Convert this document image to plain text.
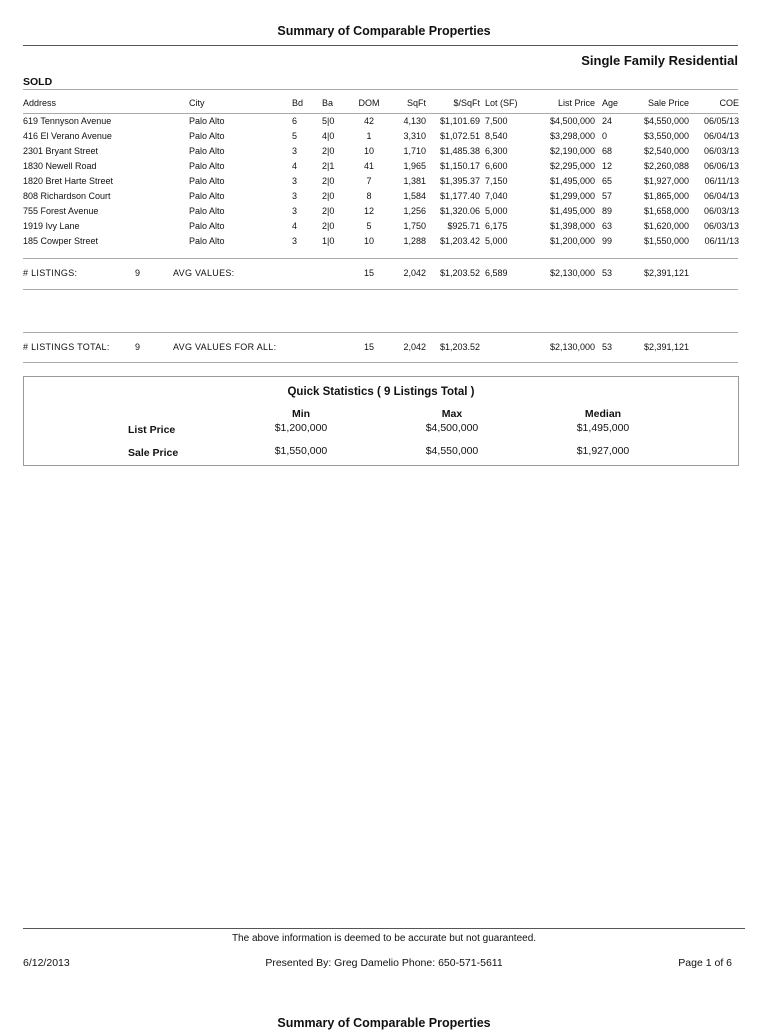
Summary of Comparable Properties
Single Family Residential
SOLD
Address	City	Bd Ba	DOM	SqFt	$/SqFt Lot (SF)	List Price Age	Sale Price	COE
619 Tennyson Avenue	Palo Alto	6	5|0	42	4,130	$1,101.69 7,500	$4,500,000 24	$4,550,000	06/05/13
416 El Verano Avenue	Palo Alto	5	4|0	1	3,310	$1,072.51 8,540	$3,298,000 0	$3,550,000	06/04/13
2301 Bryant Street	Palo Alto	3	2|0	10	1,710	$1,485.38 6,300	$2,190,000 68	$2,540,000	06/03/13
1830 Newell Road	Palo Alto	4	2|1	41	1,965	$1,150.17 6,600	$2,295,000 12	$2,260,088	06/06/13
1820 Bret Harte Street	Palo Alto	3	2|0	7	1,381	$1,395.37 7,150	$1,495,000 65	$1,927,000	06/11/13
808 Richardson Court	Palo Alto	3	2|0	8	1,584	$1,177.40 7,040	$1,299,000 57	$1,865,000	06/04/13
755 Forest Avenue	Palo Alto	3	2|0	12	1,256	$1,320.06 5,000	$1,495,000 89	$1,658,000	06/03/13
1919 Ivy Lane	Palo Alto	4	2|0	5	1,750	$925.71 6,175	$1,398,000 63	$1,620,000	06/03/13
185 Cowper Street	Palo Alto	3	1|0	10	1,288	$1,203.42 5,000	$1,200,000 99	$1,550,000	06/11/13
# LISTINGS:	9	AVG VALUES:	15	2,042	$1,203.52 6,589	$2,130,000 53	$2,391,121
# LISTINGS TOTAL:	9	AVG VALUES FOR ALL:	15	2,042	$1,203.52	$2,130,000 53	$2,391,121
Quick Statistics ( 9 Listings Total )
Min	Max	Median
List Price	$1,200,000	$4,500,000	$1,495,000
Sale Price	$1,550,000	$4,550,000	$1,927,000
The above information is deemed to be accurate but not guaranteed.
6/12/2013	Presented By: Greg Damelio Phone: 650-571-5611	Page 1 of 6
Summary of Comparable Properties
